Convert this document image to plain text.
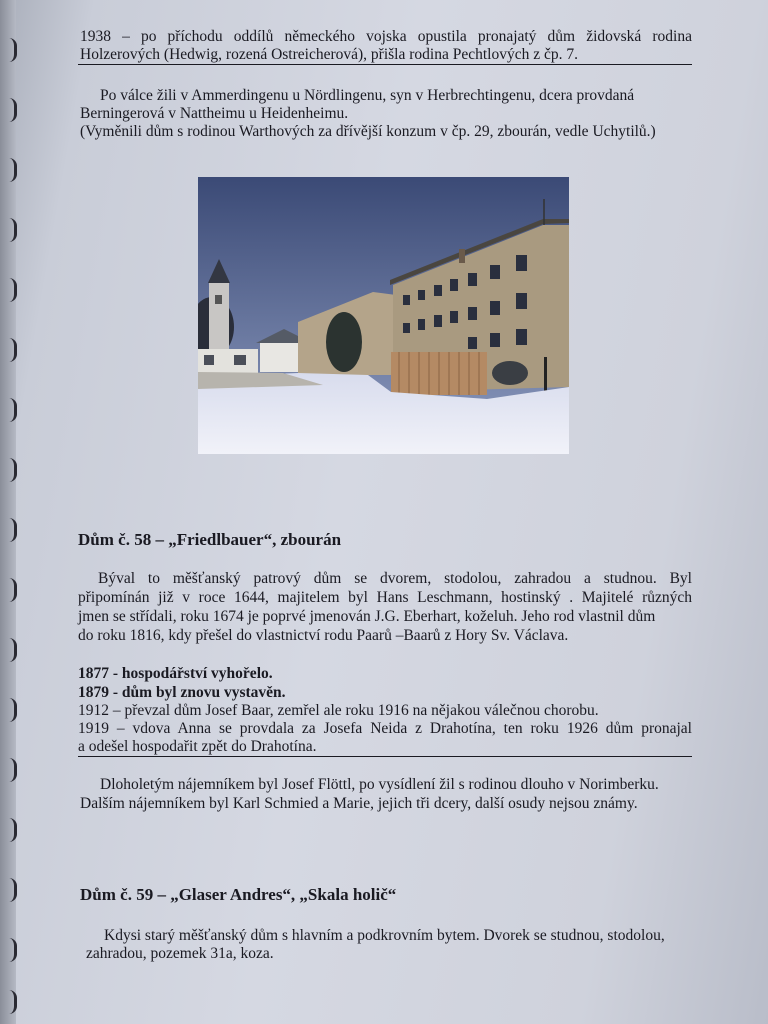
1938 – po příchodu oddílů německého vojska opustila pronajatý dům židovská rodina
Holzerových (Hedwig, rozená Ostreicherová), přišla rodina Pechtlových z čp. 7.
Po válce žili v Ammerdingenu u Nördlingenu, syn v Herbrechtingenu, dcera provdaná
Berningerová v Nattheimu u Heidenheimu.
(Vyměnili dům s rodinou Warthových za dřívější konzum v čp. 29, zbourán, vedle Uchytilů.)
Dům č. 58 – „Friedlbauer“, zbourán
Býval to měšťanský patrový dům se dvorem, stodolou, zahradou a studnou. Byl
připomínán již v roce 1644, majitelem byl Hans Leschmann, hostinský . Majitelé různých
jmen se střídali, roku 1674 je poprvé jmenován J.G. Eberhart, koželuh. Jeho rod vlastnil dům
do roku 1816, kdy přešel do vlastnictví rodu Paarů –Baarů z Hory Sv. Václava.
1877 - hospodářství vyhořelo.
1879 - dům byl znovu vystavěn.
1912 – převzal dům Josef Baar, zemřel ale roku 1916 na nějakou válečnou chorobu.
1919 – vdova Anna se provdala za Josefa Neida z Drahotína, ten roku 1926 dům pronajal
a odešel hospodařit zpět do Drahotína.
Dloholetým nájemníkem byl Josef Flöttl, po vysídlení žil s rodinou dlouho v Norimberku.
Dalším nájemníkem byl Karl Schmied a Marie, jejich tři dcery, další osudy nejsou známy.
Dům č. 59 – „Glaser Andres“, „Skala holič“
Kdysi starý měšťanský dům s hlavním a podkrovním bytem. Dvorek se studnou, stodolou,
zahradou, pozemek 31a, koza.
